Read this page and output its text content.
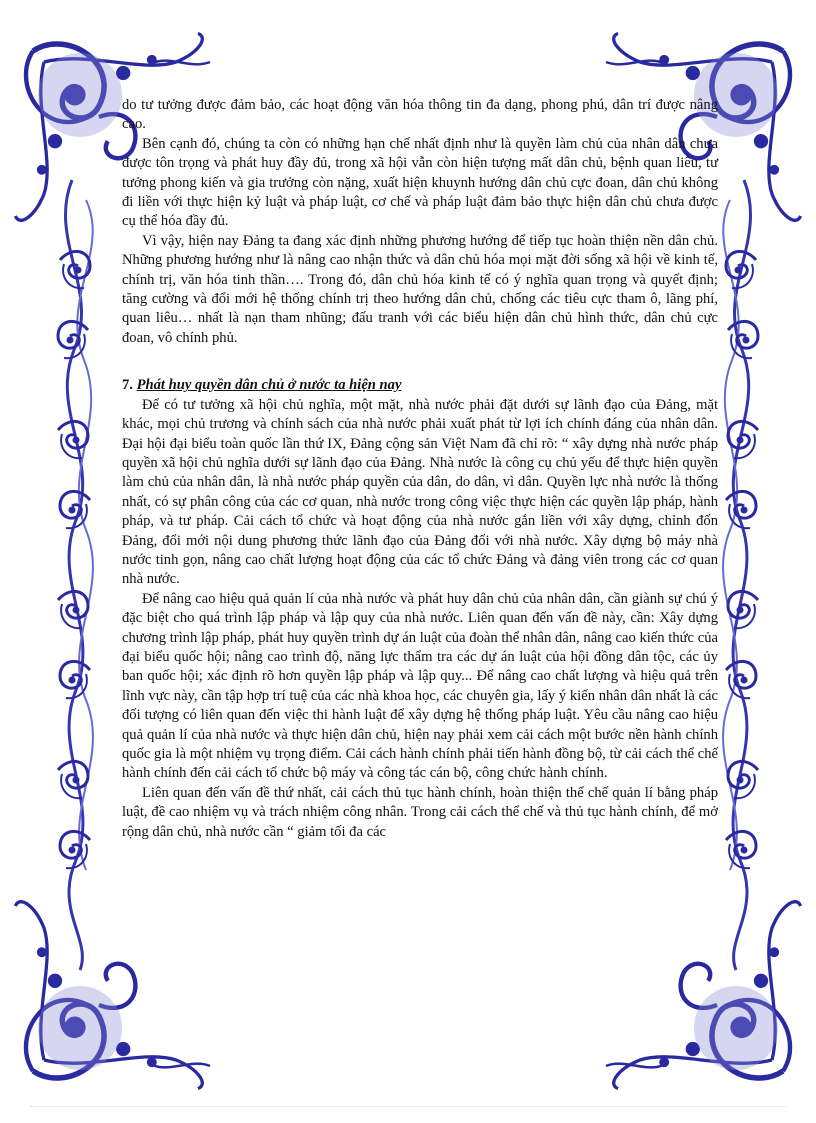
do tư tưởng được đảm bảo, các hoạt động văn hóa thông tin đa dạng, phong phú, dân trí được nâng cao.

Bên cạnh đó, chúng ta còn có những hạn chế nhất định như là quyền làm chủ của nhân dân chưa được tôn trọng và phát huy đầy đủ, trong xã hội vẫn còn hiện tượng mất dân chủ, bệnh quan liêu, tư tưởng phong kiến và gia trưởng còn nặng, xuất hiện khuynh hướng dân chủ cực đoan, dân chủ không đi liền với thực hiện kỷ luật và pháp luật, cơ chế và pháp luật đảm bảo thực hiện dân chủ chưa được cụ thể hóa đầy đủ.

Vì vậy, hiện nay Đảng ta đang xác định những phương hướng để tiếp tục hoàn thiện nền dân chủ. Những phương hướng như là nâng cao nhận thức và dân chủ hóa mọi mặt đời sống xã hội về kinh tế, chính trị, văn hóa tinh thần…. Trong đó, dân chủ hóa kinh tế có ý nghĩa quan trọng và quyết định; tăng cường và đổi mới hệ thống chính trị theo hướng dân chủ, chống các tiêu cực tham ô, lãng phí, quan liêu… nhất là nạn tham nhũng; đấu tranh với các biểu hiện dân chủ hình thức, dân chủ cực đoan, vô chính phủ.

7. Phát huy quyền dân chủ ở nước ta hiện nay

Để có tư tưởng xã hội chủ nghĩa, một mặt, nhà nước phải đặt dưới sự lãnh đạo của Đảng, mặt khác, mọi chủ trương và chính sách của nhà nước phải xuất phát từ lợi ích chính đáng của nhân dân. Đại hội đại biểu toàn quốc lần thứ IX, Đảng cộng sản Việt Nam đã chỉ rõ: “ xây dựng nhà nước pháp quyền xã hội chủ nghĩa dưới sự lãnh đạo của Đảng. Nhà nước là công cụ chủ yếu để thực hiện quyền làm chủ của nhân dân, là nhà nước pháp quyền của dân, do dân, vì dân. Quyền lực nhà nước là thống nhất, có sự phân công của các cơ quan, nhà nước trong công việc thực hiện các quyền lập pháp, hành pháp, và tư pháp. Cải cách tổ chức và hoạt động của nhà nước gắn liền với xây dựng, chỉnh đốn Đảng, đổi mới nội dung phương thức lãnh đạo của Đảng đối với nhà nước. Xây dựng bộ máy nhà nước tinh gọn, nâng cao chất lượng hoạt động của các tổ chức Đảng và đảng viên trong các cơ quan nhà nước.

Để nâng cao hiệu quả quản lí của nhà nước và phát huy dân chủ của nhân dân, cần giành sự chú ý đặc biệt cho quá trình lập pháp và lập quy của nhà nước. Liên quan đến vấn đề này, cần: Xây dựng chương trình lập pháp, phát huy quyền trình dự án luật của đoàn thể nhân dân, nâng cao kiến thức của đại biểu quốc hội; nâng cao trình độ, năng lực thẩm tra các dự án luật của hội đồng dân tộc, các ủy ban quốc hội; xác định rõ hơn quyền lập pháp và lập quy... Để nâng cao chất lượng và hiệu quả trên lĩnh vực này, cần tập hợp trí tuệ của các nhà khoa học, các chuyên gia, lấy ý kiến nhân dân nhất là các đối tượng có liên quan đến việc thi hành luật để xây dựng hệ thống pháp luật. Yêu cầu nâng cao hiệu quả quản lí của nhà nước và thực hiện dân chủ, hiện nay phải xem cải cách một bước nền hành chính quốc gia là một nhiệm vụ trọng điểm. Cải cách hành chính phải tiến hành đồng bộ, từ cải cách thể chế hành chính đến cải cách tổ chức bộ máy và công tác cán bộ, công chức hành chính.

Liên quan đến vấn đề thứ nhất, cải cách thủ tục hành chính, hoàn thiện thể chế quản lí bằng pháp luật, đề cao nhiệm vụ và trách nhiệm công nhân. Trong cải cách thể chế và thủ tục hành chính, để mở rộng dân chủ, nhà nước cần “ giảm tối đa các
